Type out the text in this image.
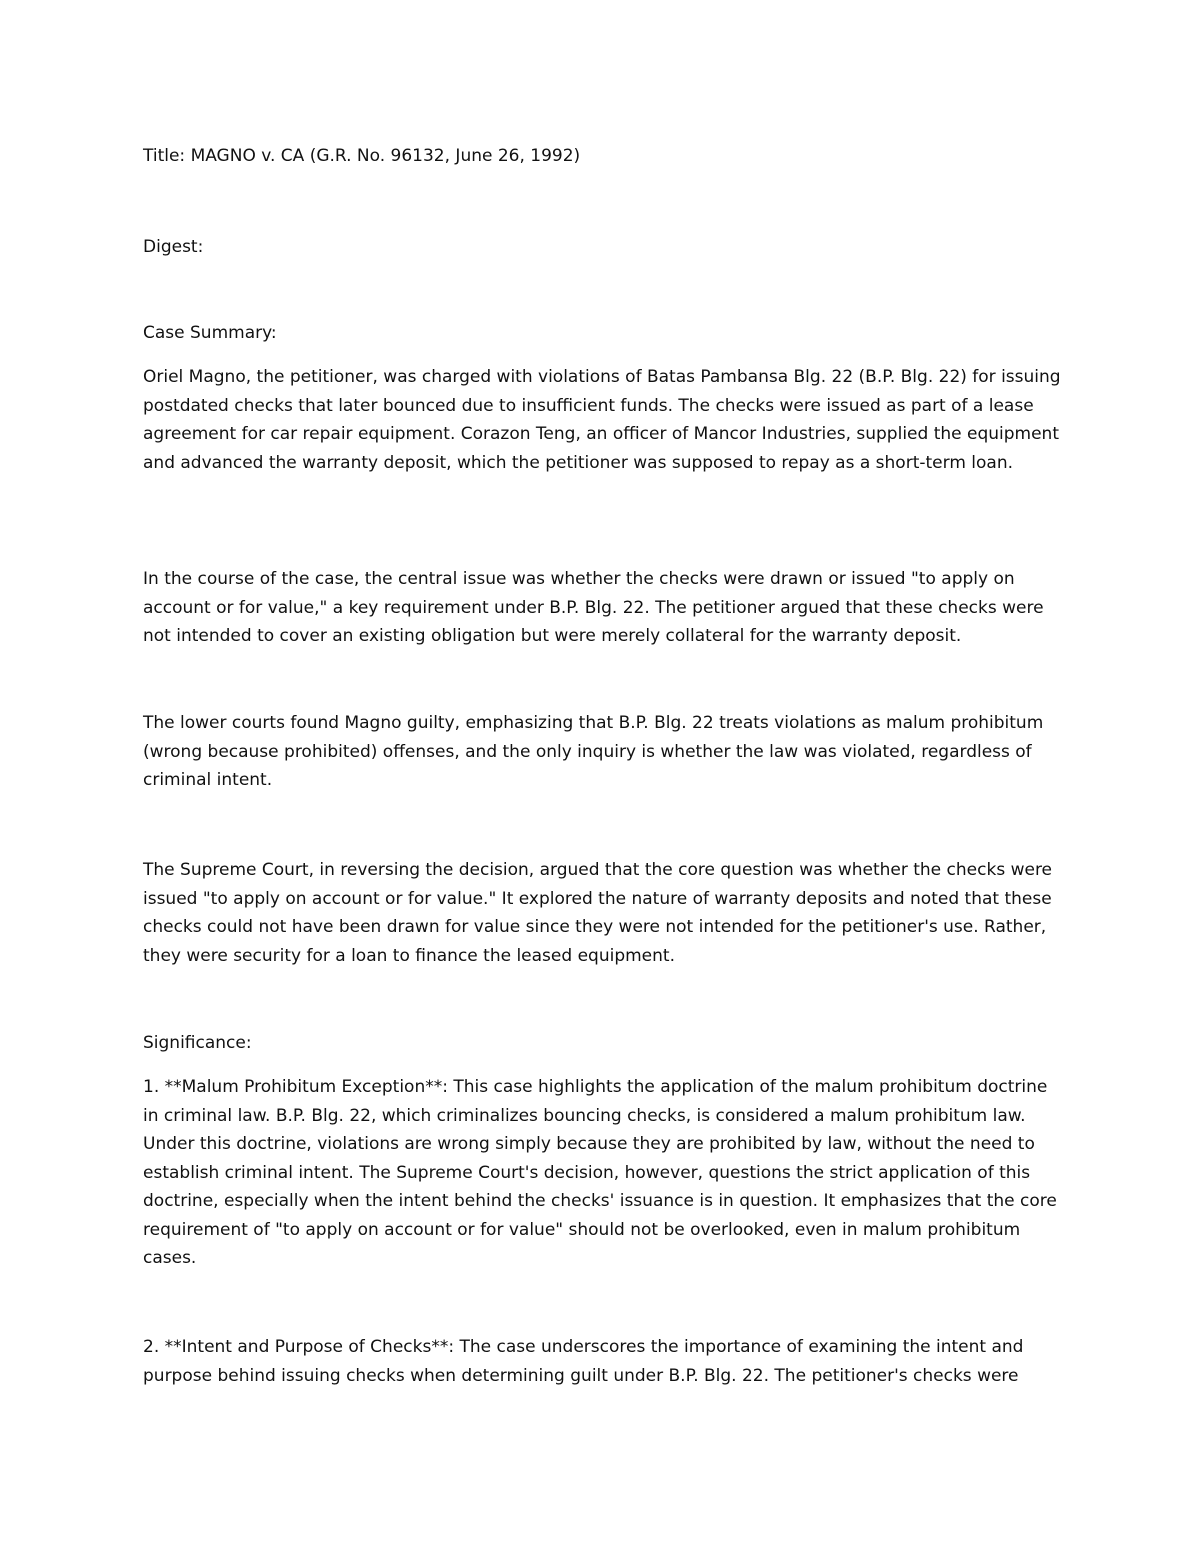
Title: MAGNO v. CA (G.R. No. 96132, June 26, 1992)

Digest:

Case Summary:

Oriel Magno, the petitioner, was charged with violations of Batas Pambansa Blg. 22 (B.P. Blg. 22) for issuing postdated checks that later bounced due to insufficient funds. The checks were issued as part of a lease agreement for car repair equipment. Corazon Teng, an officer of Mancor Industries, supplied the equipment and advanced the warranty deposit, which the petitioner was supposed to repay as a short-term loan.

In the course of the case, the central issue was whether the checks were drawn or issued "to apply on account or for value," a key requirement under B.P. Blg. 22. The petitioner argued that these checks were not intended to cover an existing obligation but were merely collateral for the warranty deposit.

The lower courts found Magno guilty, emphasizing that B.P. Blg. 22 treats violations as malum prohibitum (wrong because prohibited) offenses, and the only inquiry is whether the law was violated, regardless of criminal intent.

The Supreme Court, in reversing the decision, argued that the core question was whether the checks were issued "to apply on account or for value." It explored the nature of warranty deposits and noted that these checks could not have been drawn for value since they were not intended for the petitioner's use. Rather, they were security for a loan to finance the leased equipment.

Significance:

1. **Malum Prohibitum Exception**: This case highlights the application of the malum prohibitum doctrine in criminal law. B.P. Blg. 22, which criminalizes bouncing checks, is considered a malum prohibitum law. Under this doctrine, violations are wrong simply because they are prohibited by law, without the need to establish criminal intent. The Supreme Court's decision, however, questions the strict application of this doctrine, especially when the intent behind the checks' issuance is in question. It emphasizes that the core requirement of "to apply on account or for value" should not be overlooked, even in malum prohibitum cases.

2. **Intent and Purpose of Checks**: The case underscores the importance of examining the intent and purpose behind issuing checks when determining guilt under B.P. Blg. 22. The petitioner's checks were
